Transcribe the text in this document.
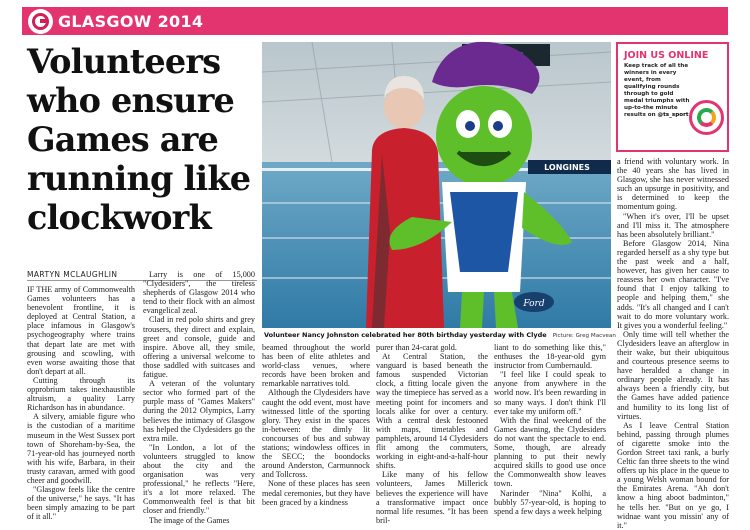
GLASGOW 2014
Volunteers who ensure Games are running like clockwork
MARTYN MCLAUGHLIN

IF THE army of Commonwealth Games volunteers has a benevolent frontline, it is deployed at Central Station, a place infamous in Glasgow's psychogeography where trains that depart late are met with grousing and scowling, with even worse awaiting those that don't depart at all.

Cutting through its opprobrium takes inexhaustible altruism, a quality Larry Richardson has in abundance.

A silvery, amiable figure who is the custodian of a maritime museum in the West Sussex port town of Shoreham-by-Sea, the 71-year-old has journeyed north with his wife, Barbara, in their trusty caravan, armed with good cheer and goodwill.

"Glasgow feels like the centre of the universe," he says. "It has been simply amazing to be part of it all."

Larry is one of 15,000 "Clydesiders", the tireless shepherds of Glasgow 2014 who tend to their flock with an almost evangelical zeal.

Clad in red polo shirts and grey trousers, they direct and explain, greet and console, guide and inspire. Above all, they smile, offering a universal welcome to those saddled with suitcases and fatigue.

A veteran of the voluntary sector who formed part of the purple mass of "Games Makers" during the 2012 Olympics, Larry believes the intimacy of Glasgow has helped the Clydesiders go the extra mile.

"In London, a lot of the volunteers struggled to know about the city and the organisation was very professional," he reflects "Here, it's a lot more relaxed. The Commonwealth feel is that bit closer and friendly."

The image of the Games

LONGINES
Ford
Volunteer Nancy Johnston celebrated her 80th birthday yesterday with Clyde Picture: Greg Macvean
JOIN US ONLINE
Keep track of all the winners in every event, from qualifying rounds through to gold medal triumphs with up-to-the minute results on @ts_sport

beamed throughout the world has been of elite athletes and world-class venues, where records have been broken and remarkable narratives told.

Although the Clydesiders have caught the odd event, most have witnessed little of the sporting glory. They exist in the spaces in-between: the dimly lit concourses of bus and subway stations; windowless offices in the SECC; the boondocks around Anderston, Carmunnock and Tollcross.

None of these places has seen medal ceremonies, but they have been graced by a kindness

purer than 24-carat gold.

At Central Station, the vanguard is based beneath the famous suspended Victorian clock, a fitting locale given the way the timepiece has served as a meeting point for incomers and locals alike for over a century. With a central desk festooned with maps, timetables and pamphlets, around 14 Clydesiders flit among the commuters, working in eight-and-a-half-hour shifts.

Like many of his fellow volunteers, James Millerick believes the experience will have a transformative impact once normal life resumes. "It has been bril-

liant to do something like this," enthuses the 18-year-old gym instructor from Cumbernauld.

"I feel like I could speak to anyone from anywhere in the world now. It's been rewarding in so many ways. I don't think I'll ever take my uniform off."

With the final weekend of the Games dawning, the Clydesiders do not want the spectacle to end. Some, though, are already planning to put their newly acquired skills to good use once the Commonwealth show leaves town.

Narinder "Nina" Kolhi, a bubbly 57-year-old, is hoping to spend a few days a week helping

a friend with voluntary work. In the 40 years she has lived in Glasgow, she has never witnessed such an upsurge in positivity, and is determined to keep the momentum going.

"When it's over, I'll be upset and I'll miss it. The atmosphere has been absolutely brilliant."

Before Glasgow 2014, Nina regarded herself as a shy type but the past week and a half, however, has given her cause to reassess her own character. "I've found that I enjoy talking to people and helping them," she adds. "It's all changed and I can't wait to do more voluntary work. It gives you a wonderful feeling."

Only time will tell whether the Clydesiders leave an afterglow in their wake, but their ubiquitous and courteous presence seems to have heralded a change in ordinary people already. It has always been a friendly city, but the Games have added patience and humility to its long list of virtues.

As I leave Central Station behind, passing through plumes of cigarette smoke into the Gordon Street taxi rank, a burly Celtic fan three sheets to the wind offers up his place in the queue to a young Welsh woman bound for the Emirates Arena. "Ah don't know a hing aboot badminton," he tells her. "But on ye go, I widnae want you missin' any of it."
